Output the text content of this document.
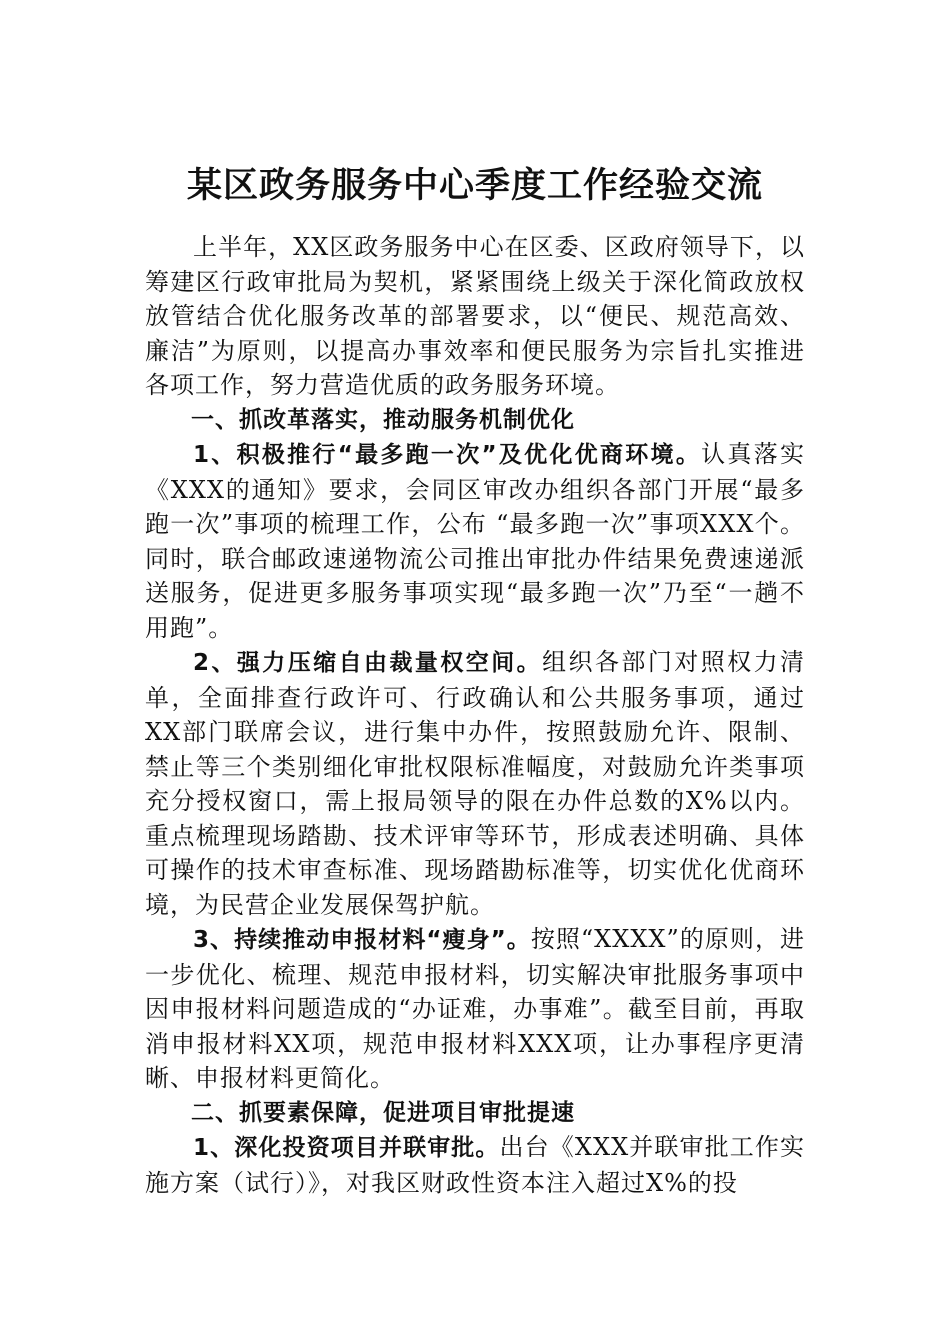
某区政务服务中心季度工作经验交流

上半年，XX区政务服务中心在区委、区政府领导下，以筹建区行政审批局为契机，紧紧围绕上级关于深化简政放权放管结合优化服务改革的部署要求，以“便民、规范高效、廉洁”为原则，以提高办事效率和便民服务为宗旨扎实推进各项工作，努力营造优质的政务服务环境。

一、抓改革落实，推动服务机制优化

1、积极推行“最多跑一次”及优化优商环境。认真落实《XXX的通知》要求，会同区审改办组织各部门开展“最多跑一次”事项的梳理工作，公布 “最多跑一次”事项XXX个。同时，联合邮政速递物流公司推出审批办件结果免费速递派送服务，促进更多服务事项实现“最多跑一次”乃至“一趟不用跑”。

2、强力压缩自由裁量权空间。组织各部门对照权力清单，全面排查行政许可、行政确认和公共服务事项，通过XX部门联席会议，进行集中办件，按照鼓励允许、限制、禁止等三个类别细化审批权限标准幅度，对鼓励允许类事项充分授权窗口，需上报局领导的限在办件总数的X%以内。重点梳理现场踏勘、技术评审等环节，形成表述明确、具体可操作的技术审查标准、现场踏勘标准等，切实优化优商环境，为民营企业发展保驾护航。

3、持续推动申报材料“瘦身”。按照“XXXX”的原则，进一步优化、梳理、规范申报材料，切实解决审批服务事项中因申报材料问题造成的“办证难，办事难”。截至目前，再取消申报材料XX项，规范申报材料XXX项，让办事程序更清晰、申报材料更简化。

二、抓要素保障，促进项目审批提速

1、深化投资项目并联审批。出台《XXX并联审批工作实施方案（试行）》，对我区财政性资本注入超过X%的投
